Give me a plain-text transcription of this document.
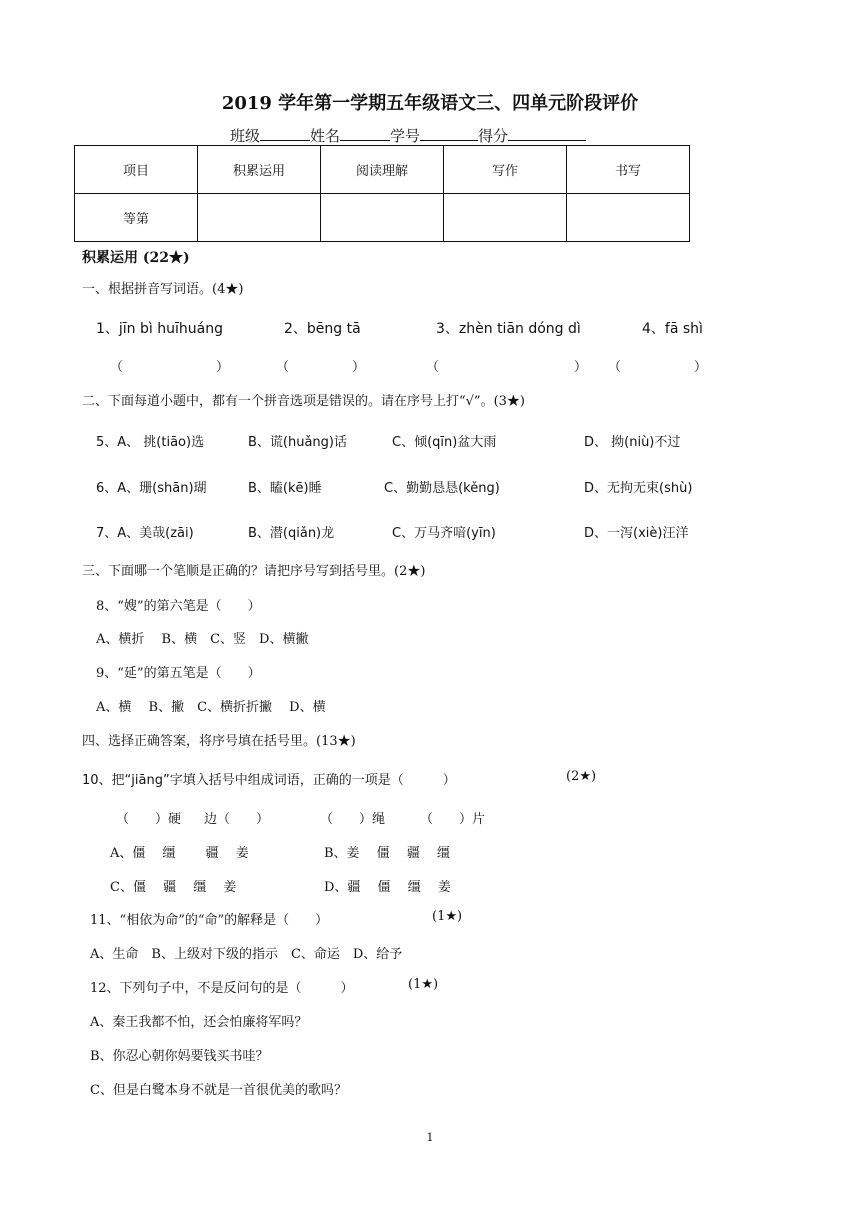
2019 学年第一学期五年级语文三、四单元阶段评价
班级	姓名	学号	得分
项目	积累运用	阅读理解	写作	书写
等第				
积累运用 (22★)
一、根据拼音写词语。(4★)
1、jīn bì huīhuáng	2、bēng tā	3、zhèn tiān dóng dì	4、fā shì
（	）	（	）	（	） （	）
二、下面每道小题中，都有一个拼音选项是错误的。请在序号上打“√”。(3★)
5、A、 挑(tiāo)选	B、谎(huǎng)话	C、倾(qīn)盆大雨	D、 拗(niù)不过
6、A、珊(shān)瑚	B、瞌(kē)睡	C、勤勤恳恳(kěng)	D、无拘无束(shù)
7、A、美哉(zāi)	B、潜(qiǎn)龙	C、万马齐喑(yīn)	D、一泻(xiè)汪洋
三、下面哪一个笔顺是正确的？请把序号写到括号里。(2★)
8、“嫂”的第六笔是（　　）
A、横折　 B、横　C、竖　D、横撇
9、“延”的第五笔是（　　）
A、横　 B、撇　C、横折折撇　 D、横
四、选择正确答案，将序号填在括号里。(13★)
10、把“jiāng”字填入括号中组成词语，正确的一项是（　　　）	(2★)
（　　）硬 边（　　）	（　　）绳	（　　）片
A、僵　 缰　　 疆　 姜	B、姜　 僵　 疆　 缰
C、僵　 疆　 缰　 姜	D、疆　 僵　 缰　 姜
11、“相依为命”的“命”的解释是（　　）	(1★)
A、生命　B、上级对下级的指示　C、命运　D、给予
12、下列句子中，不是反问句的是（　　　）	(1★)
A、秦王我都不怕，还会怕廉将军吗？
B、你忍心朝你妈要钱买书哇？
C、但是白鹭本身不就是一首很优美的歌吗？
1
